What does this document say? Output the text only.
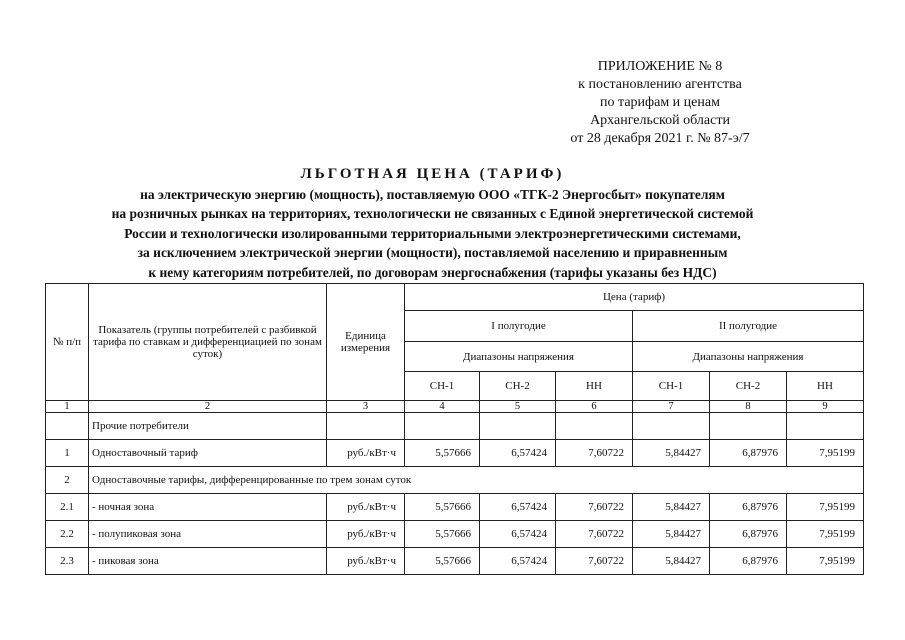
ПРИЛОЖЕНИЕ № 8
к постановлению агентства
по тарифам и ценам
Архангельской области
от 28 декабря 2021 г. № 87-э/7
ЛЬГОТНАЯ ЦЕНА (ТАРИФ)
на электрическую энергию (мощность), поставляемую ООО «ТГК-2 Энергосбыт» покупателям
на розничных рынках на территориях, технологически не связанных с Единой энергетической системой
России и технологически изолированными территориальными электроэнергетическими системами,
за исключением электрической энергии (мощности), поставляемой населению и приравненным
к нему категориям потребителей, по договорам энергоснабжения (тарифы указаны без НДС)
№ п/п	Показатель (группы потребителей с разбивкой тарифа по ставкам и дифференциацией по зонам суток)	Единица измерения	Цена (тариф)					
			I полугодие			II полугодие		
			Диапазоны напряжения			Диапазоны напряжения		
			СН-1	СН-2	НН	СН-1	СН-2	НН
1	2	3	4	5	6	7	8	9
	Прочие потребители							
1	Одноставочный тариф	руб./кВт·ч	5,57666	6,57424	7,60722	5,84427	6,87976	7,95199
2	Одноставочные тарифы, дифференцированные по трем зонам суток							
2.1	- ночная зона	руб./кВт·ч	5,57666	6,57424	7,60722	5,84427	6,87976	7,95199
2.2	- полупиковая зона	руб./кВт·ч	5,57666	6,57424	7,60722	5,84427	6,87976	7,95199
2.3	- пиковая зона	руб./кВт·ч	5,57666	6,57424	7,60722	5,84427	6,87976	7,95199
